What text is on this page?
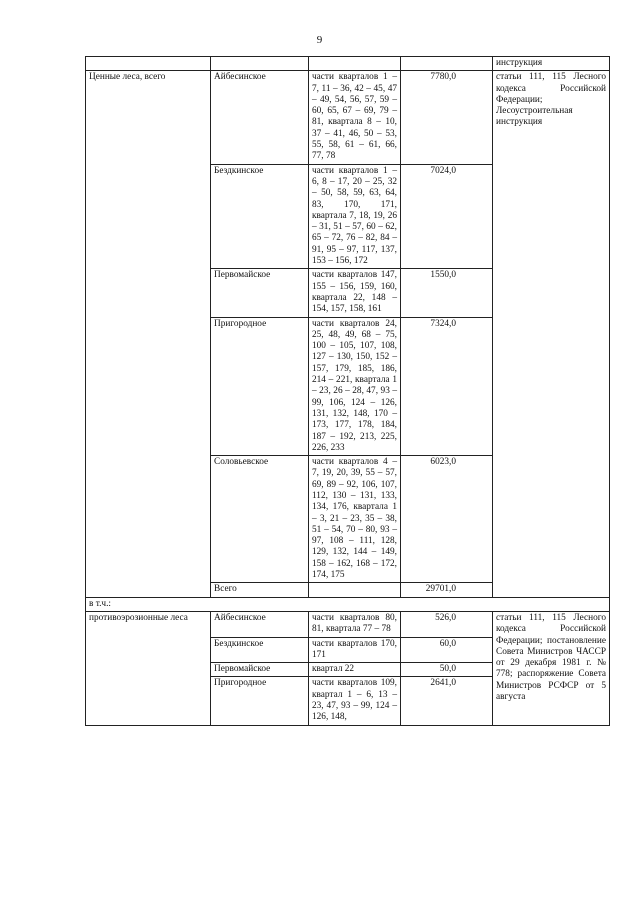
9
				инструкция
Ценные леса, всего	Айбесинское	части кварталов 1 – 7, 11 – 36, 42 – 45, 47 – 49, 54, 56, 57, 59 – 60, 65, 67 – 69, 79 – 81, квартала 8 – 10, 37 – 41, 46, 50 – 53, 55, 58, 61 – 61, 66, 77, 78	7780,0	статьи 111, 115 Лесного кодекса Российской Федерации; Лесоустроительная инструкция
	Бездкинское	части кварталов 1 – 6, 8 – 17, 20 – 25, 32 – 50, 58, 59, 63, 64, 83, 170, 171, квартала 7, 18, 19, 26 – 31, 51 – 57, 60 – 62, 65 – 72, 76 – 82, 84 – 91, 95 – 97, 117, 137, 153 – 156, 172	7024,0	
	Первомайское	части кварталов 147, 155 – 156, 159, 160, квартала 22, 148 – 154, 157, 158, 161	1550,0	
	Пригородное	части кварталов 24, 25, 48, 49, 68 – 75, 100 – 105, 107, 108, 127 – 130, 150, 152 – 157, 179, 185, 186, 214 – 221, квартала 1 – 23, 26 – 28, 47, 93 – 99, 106, 124 – 126, 131, 132, 148, 170 – 173, 177, 178, 184, 187 – 192, 213, 225, 226, 233	7324,0	
	Соловьевское	части кварталов 4 – 7, 19, 20, 39, 55 – 57, 69, 89 – 92, 106, 107, 112, 130 – 131, 133, 134, 176, квартала 1 – 3, 21 – 23, 35 – 38, 51 – 54, 70 – 80, 93 – 97, 108 – 111, 128, 129, 132, 144 – 149, 158 – 162, 168 – 172, 174, 175	6023,0	
	Всего		29701,0	
в т.ч.:				
противоэрозионные леса	Айбесинское	части кварталов 80, 81, квартала 77 – 78	526,0	статьи 111, 115 Лесного кодекса Российской Федерации; постановление Совета Министров ЧАССР от 29 декабря 1981 г. № 778; распоряжение Совета Министров РСФСР от 5 августа
	Бездкинское	части кварталов 170, 171	60,0	
	Первомайское	квартал 22	50,0	
	Пригородное	части кварталов 109, квартал 1 – 6, 13 – 23, 47, 93 – 99, 124 – 126, 148,	2641,0	
